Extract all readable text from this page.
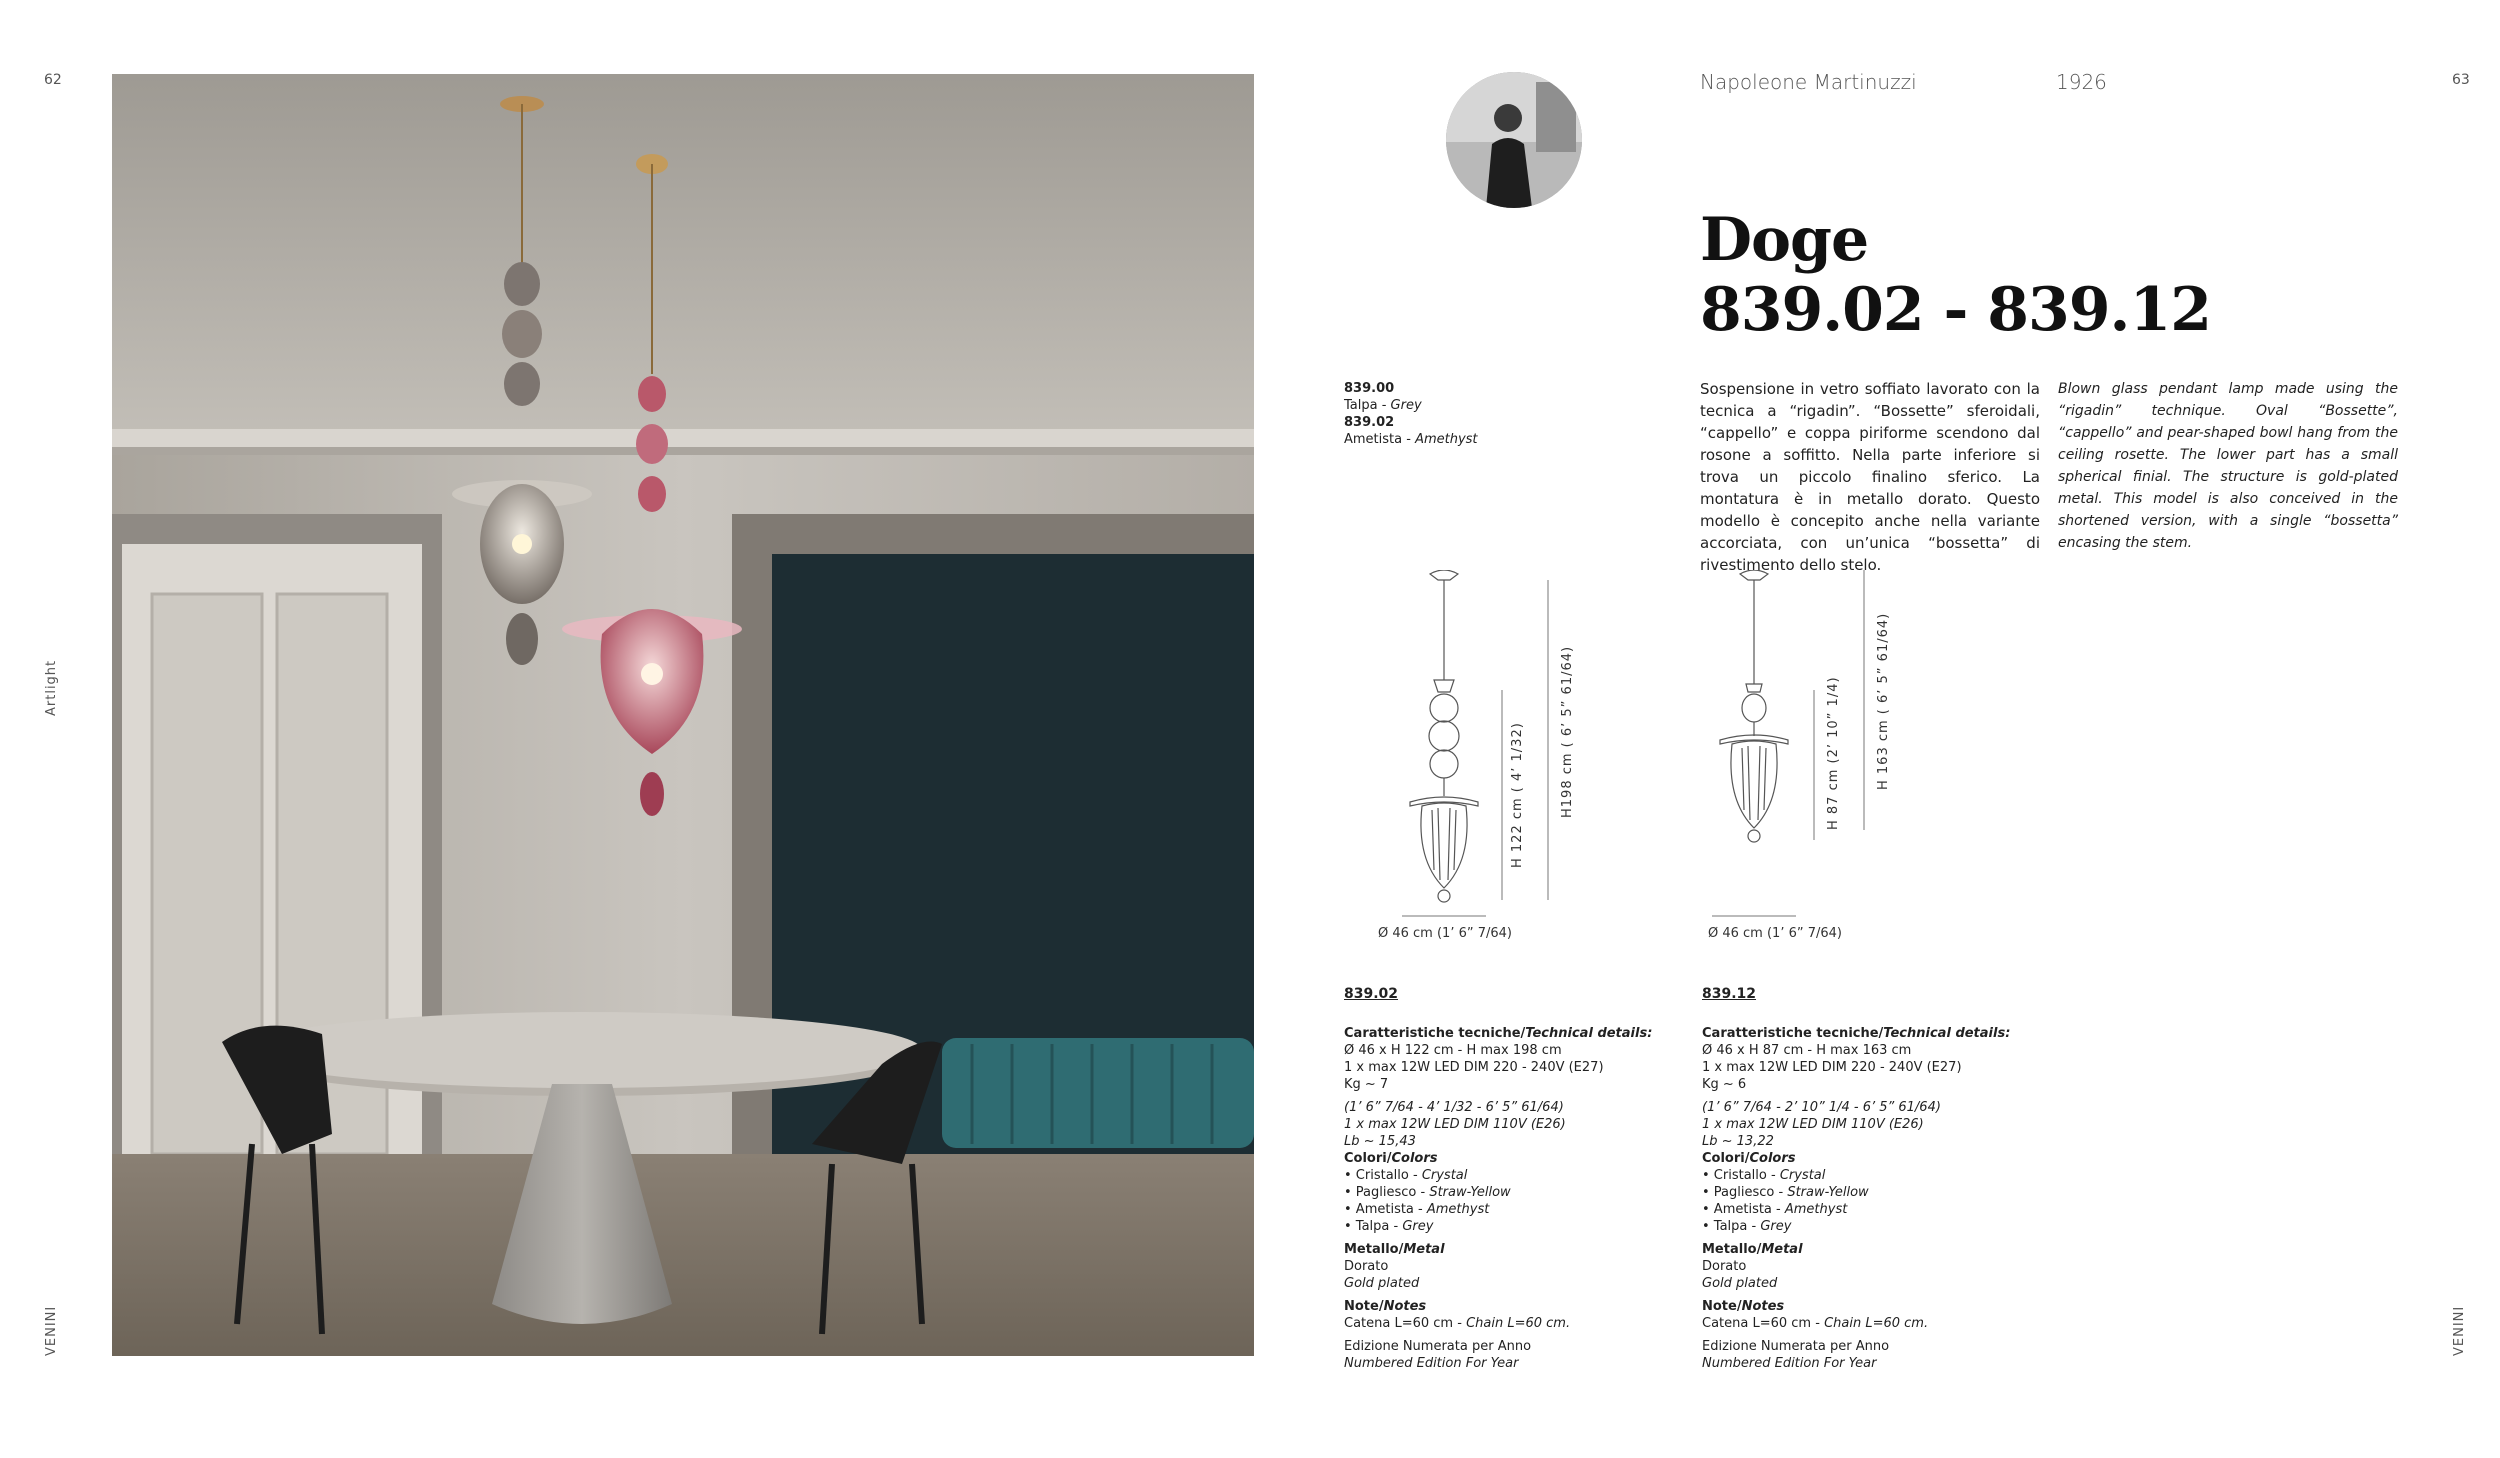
62
Artlight
VENINI
63
VENINI
Napoleone Martinuzzi	1926
Doge
839.02 - 839.12
839.00
Talpa - Grey
839.02
Ametista - Amethyst
Sospensione in vetro soffiato lavorato con la tecnica a “rigadin”. “Bossette” sferoidali, “cappello” e coppa piriforme scendono dal rosone a soffitto. Nella parte inferiore si trova un piccolo finalino sferico. La montatura è in metallo dorato. Questo modello è concepito anche nella variante accorciata, con un’unica “bossetta” di rivestimento dello stelo.
Blown glass pendant lamp made using the “rigadin” technique. Oval “Bossette”, “cappello” and pear-shaped bowl hang from the ceiling rosette. The lower part has a small spherical finial. The structure is gold-plated metal. This model is also conceived in the shortened version, with a single “bossetta” encasing the stem.
H198 cm ( 6’ 5” 61/64)
H 122 cm ( 4’ 1/32)
Ø 46 cm (1’ 6” 7/64)
H 163 cm ( 6’ 5” 61/64)
H 87 cm (2’ 10” 1/4)
Ø 46 cm (1’ 6” 7/64)
839.02
Caratteristiche tecniche/Technical details:
Ø 46 x H 122 cm - H max 198 cm
1 x max 12W LED DIM 220 - 240V (E27)
Kg ~ 7
(1’ 6” 7/64 - 4’ 1/32 - 6’ 5” 61/64)
1 x max 12W LED DIM 110V (E26)
Lb ~ 15,43
Colori/Colors
• Cristallo - Crystal
• Pagliesco - Straw-Yellow
• Ametista - Amethyst
• Talpa - Grey
Metallo/Metal
Dorato
Gold plated
Note/Notes
Catena L=60 cm - Chain L=60 cm.
Edizione Numerata per Anno
Numbered Edition For Year
839.12
Caratteristiche tecniche/Technical details:
Ø 46 x H 87 cm - H max 163 cm
1 x max 12W LED DIM 220 - 240V (E27)
Kg ~ 6
(1’ 6” 7/64 - 2’ 10” 1/4 - 6’ 5” 61/64)
1 x max 12W LED DIM 110V (E26)
Lb ~ 13,22
Colori/Colors
• Cristallo - Crystal
• Pagliesco - Straw-Yellow
• Ametista - Amethyst
• Talpa - Grey
Metallo/Metal
Dorato
Gold plated
Note/Notes
Catena L=60 cm - Chain L=60 cm.
Edizione Numerata per Anno
Numbered Edition For Year
